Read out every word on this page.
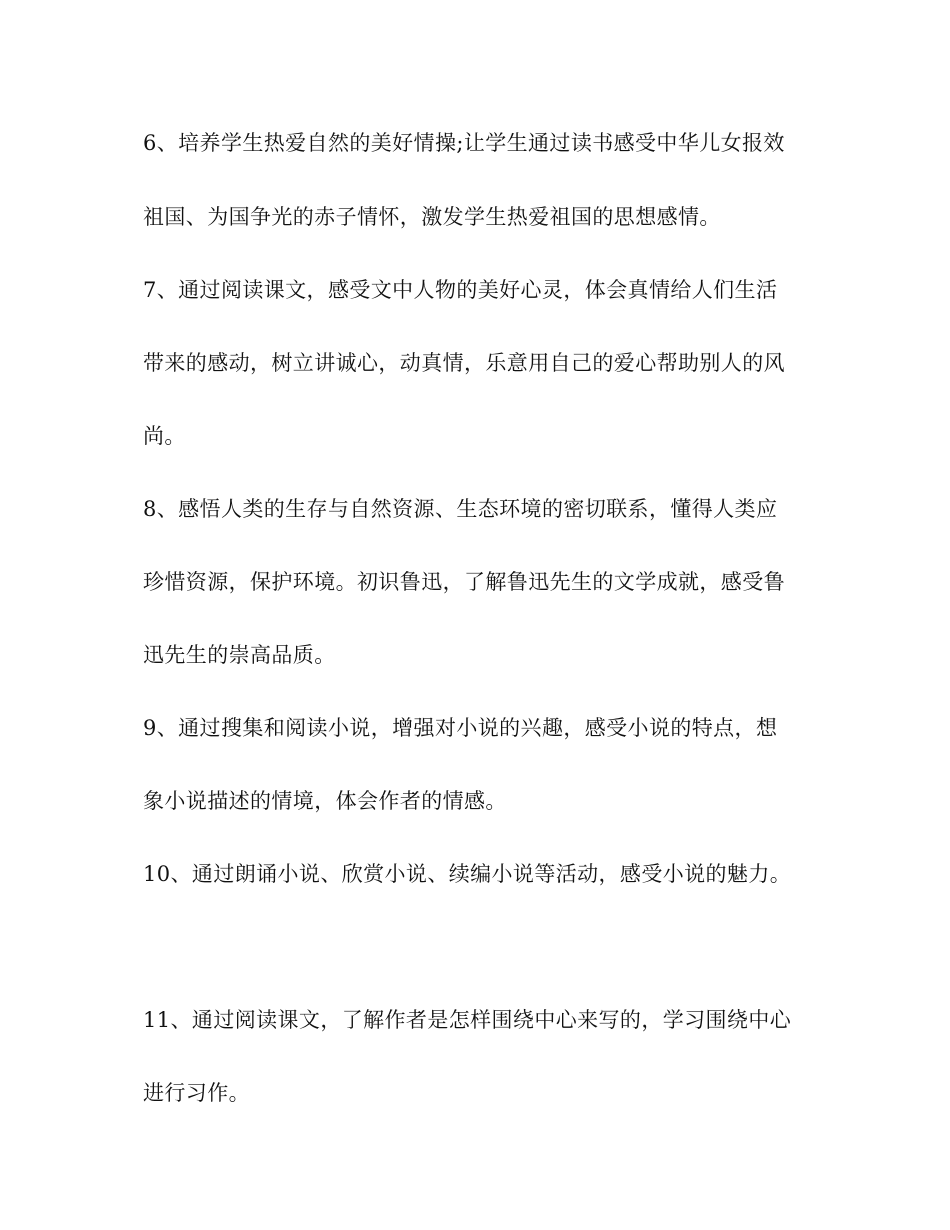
6、培养学生热爱自然的美好情操;让学生通过读书感受中华儿女报效

祖国、为国争光的赤子情怀，激发学生热爱祖国的思想感情。

7、通过阅读课文，感受文中人物的美好心灵，体会真情给人们生活

带来的感动，树立讲诚心，动真情，乐意用自己的爱心帮助别人的风

尚。

8、感悟人类的生存与自然资源、生态环境的密切联系，懂得人类应

珍惜资源，保护环境。初识鲁迅，了解鲁迅先生的文学成就，感受鲁

迅先生的崇高品质。

9、通过搜集和阅读小说，增强对小说的兴趣，感受小说的特点，想

象小说描述的情境，体会作者的情感。

10、通过朗诵小说、欣赏小说、续编小说等活动，感受小说的魅力。

11、通过阅读课文，了解作者是怎样围绕中心来写的，学习围绕中心

进行习作。
